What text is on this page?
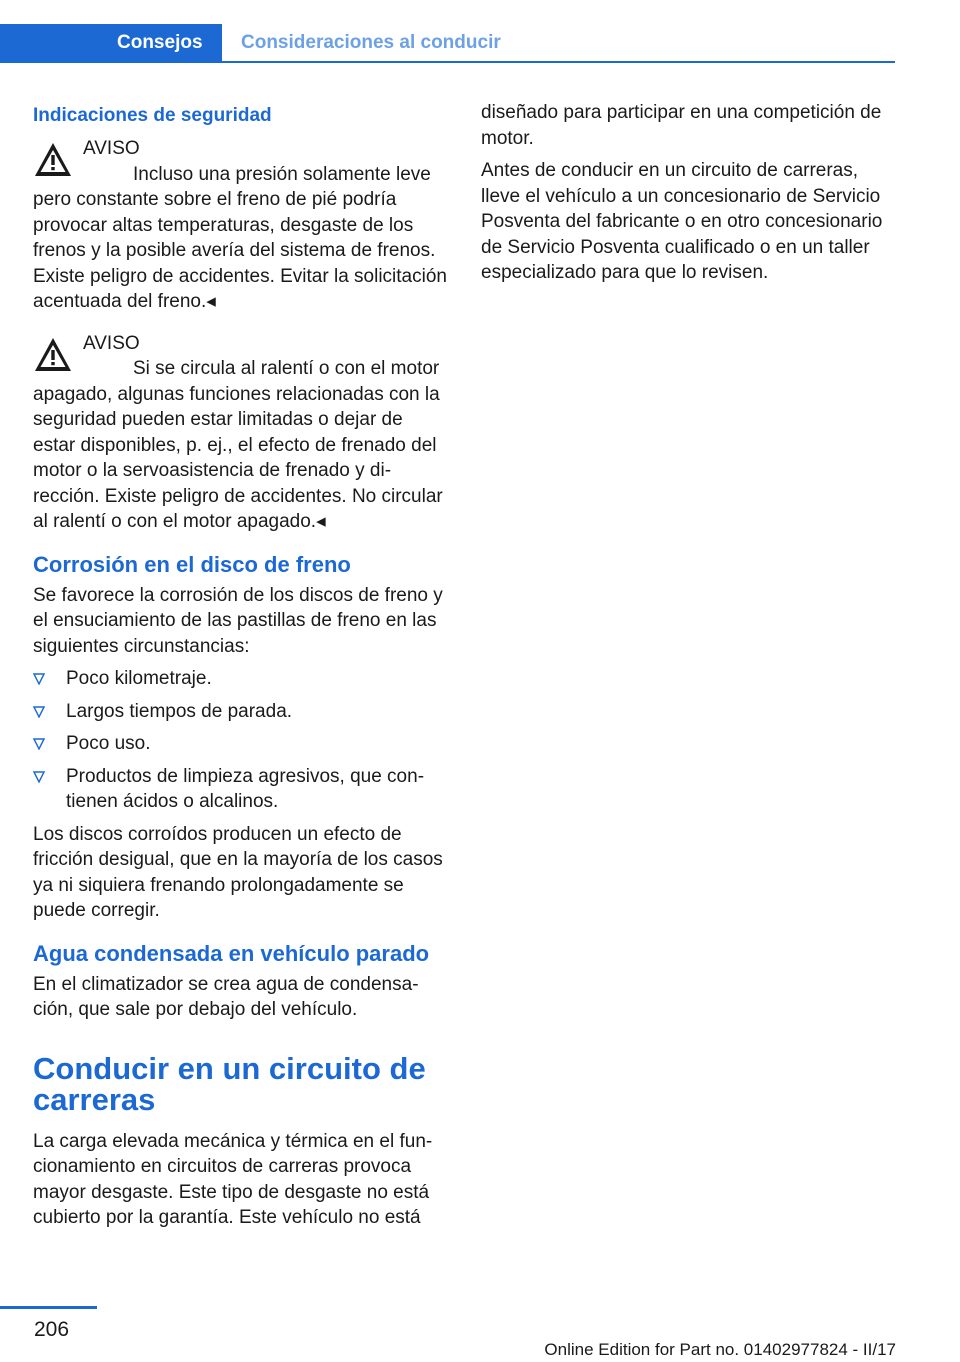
Consejos	Consideraciones al conducir
Indicaciones de seguridad

AVISO

Incluso una presión solamente leve pero constante sobre el freno de pié podría provocar altas temperaturas, desgaste de los frenos y la posible avería del sistema de frenos. Existe peligro de accidentes. Evitar la solicitación acentuada del freno.◂

AVISO

Si se circula al ralentí o con el motor apagado, algunas funciones relacionadas con la seguridad pueden estar limitadas o dejar de estar disponibles, p. ej., el efecto de frenado del motor o la servoasistencia de frenado y dirección. Existe peligro de accidentes. No circular al ralentí o con el motor apagado.◂

Corrosión en el disco de freno

Se favorece la corrosión de los discos de freno y el ensuciamiento de las pastillas de freno en las siguientes circunstancias:

Poco kilometraje.
Largos tiempos de parada.
Poco uso.
Productos de limpieza agresivos, que contienen ácidos o alcalinos.

Los discos corroídos producen un efecto de fricción desigual, que en la mayoría de los casos ya ni siquiera frenando prolongadamente se puede corregir.

Agua condensada en vehículo parado

En el climatizador se crea agua de condensación, que sale por debajo del vehículo.

Conducir en un circuito de carreras

La carga elevada mecánica y térmica en el funcionamiento en circuitos de carreras provoca mayor desgaste. Este tipo de desgaste no está cubierto por la garantía. Este vehículo no está

diseñado para participar en una competición de motor.

Antes de conducir en un circuito de carreras, lleve el vehículo a un concesionario de Servicio Posventa del fabricante o en otro concesionario de Servicio Posventa cualificado o en un taller especializado para que lo revisen.

206
Online Edition for Part no. 01402977824 - II/17
